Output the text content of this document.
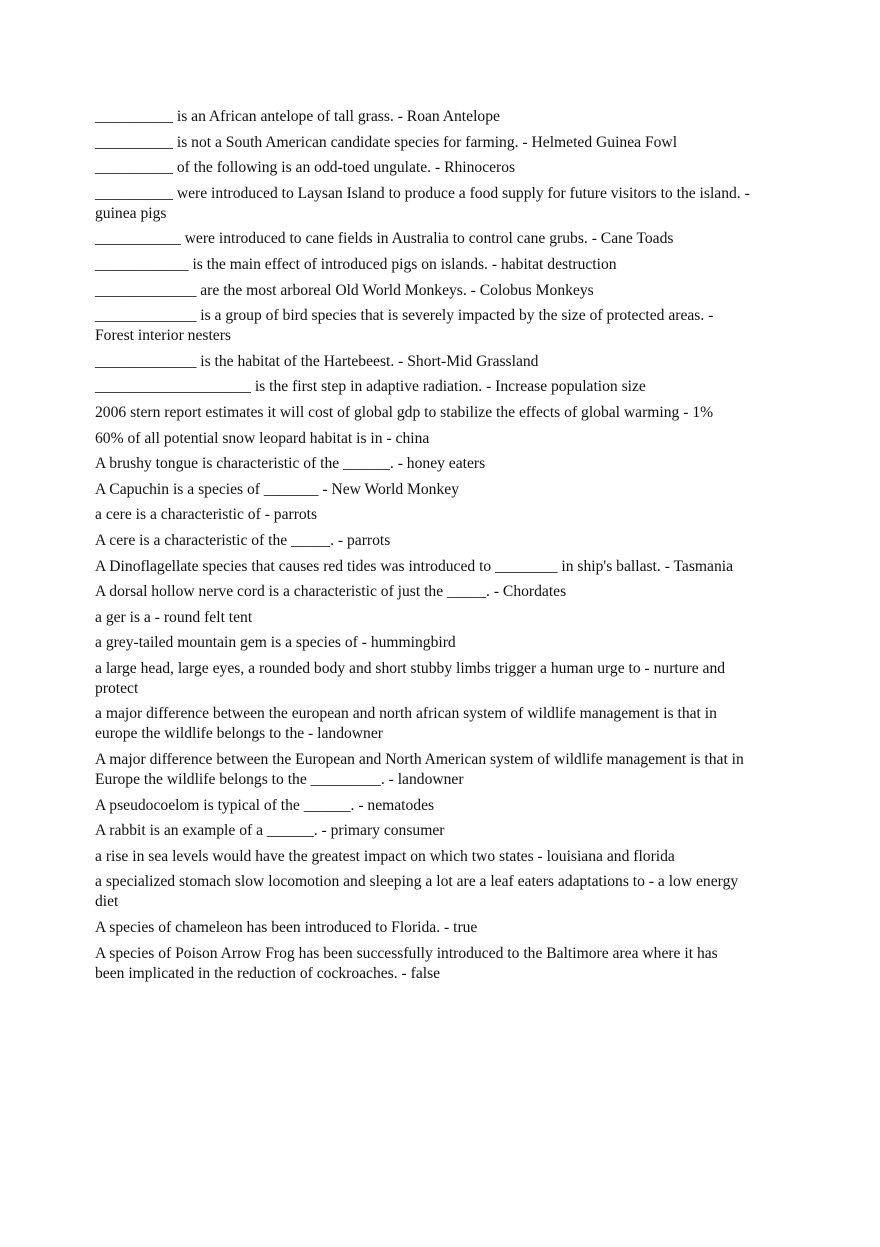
__________ is an African antelope of tall grass. - Roan Antelope

__________ is not a South American candidate species for farming. - Helmeted Guinea Fowl

__________ of the following is an odd-toed ungulate. - Rhinoceros

__________ were introduced to Laysan Island to produce a food supply for future visitors to the island. - guinea pigs

___________ were introduced to cane fields in Australia to control cane grubs. - Cane Toads

____________ is the main effect of introduced pigs on islands. - habitat destruction

_____________ are the most arboreal Old World Monkeys. - Colobus Monkeys

_____________ is a group of bird species that is severely impacted by the size of protected areas. - Forest interior nesters

_____________ is the habitat of the Hartebeest. - Short-Mid Grassland

____________________ is the first step in adaptive radiation. - Increase population size

2006 stern report estimates it will cost of global gdp to stabilize the effects of global warming - 1%

60% of all potential snow leopard habitat is in - china

A brushy tongue is characteristic of the ______. - honey eaters

A Capuchin is a species of _______ - New World Monkey

a cere is a characteristic of - parrots

A cere is a characteristic of the _____. - parrots

A Dinoflagellate species that causes red tides was introduced to ________ in ship's ballast. - Tasmania

A dorsal hollow nerve cord is a characteristic of just the _____. - Chordates

a ger is a - round felt tent

a grey-tailed mountain gem is a species of - hummingbird

a large head, large eyes, a rounded body and short stubby limbs trigger a human urge to - nurture and protect

a major difference between the european and north african system of wildlife management is that in europe the wildlife belongs to the - landowner

A major difference between the European and North American system of wildlife management is that in Europe the wildlife belongs to the _________. - landowner

A pseudocoelom is typical of the ______. - nematodes

A rabbit is an example of a ______. - primary consumer

a rise in sea levels would have the greatest impact on which two states - louisiana and florida

a specialized stomach slow locomotion and sleeping a lot are a leaf eaters adaptations to - a low energy diet

A species of chameleon has been introduced to Florida. - true

A species of Poison Arrow Frog has been successfully introduced to the Baltimore area where it has been implicated in the reduction of cockroaches. - false
